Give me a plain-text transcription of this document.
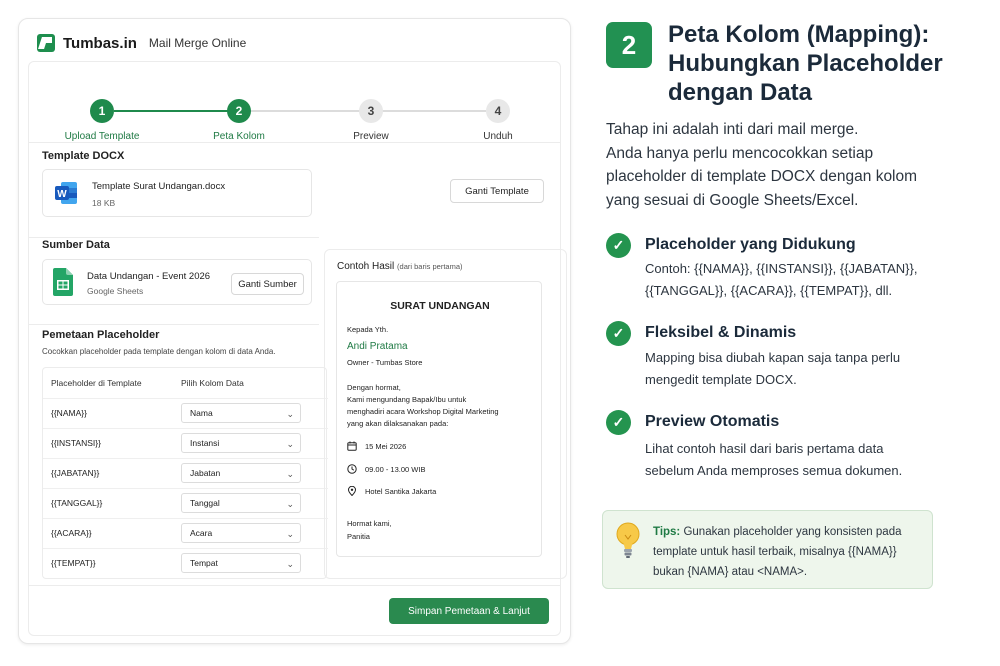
Tumbas.in Mail Merge Online
1
Upload Template
2
Peta Kolom
3
Preview
4
Unduh
Template DOCX
W
Template Surat Undangan.docx
18 KB
Ganti Template
Sumber Data
Data Undangan - Event 2026
Google Sheets
Ganti Sumber
Pemetaan Placeholder
Cocokkan placeholder pada template dengan kolom di data Anda.
Placeholder di Template	Pilih Kolom Data
{{NAMA}}	Nama	⌄
{{INSTANSI}}	Instansi	⌄
{{JABATAN}}	Jabatan	⌄
{{TANGGAL}}	Tanggal	⌄
{{ACARA}}	Acara	⌄
{{TEMPAT}}	Tempat	⌄
Contoh Hasil (dari baris pertama)
SURAT UNDANGAN
Kepada Yth.
Andi Pratama
Owner - Tumbas Store
Dengan hormat,
Kami mengundang Bapak/Ibu untuk
menghadiri acara Workshop Digital Marketing
yang akan dilaksanakan pada:
15 Mei 2026
09.00 - 13.00 WIB
Hotel Santika Jakarta
Hormat kami,
Panitia
Simpan Pemetaan & Lanjut
2	Peta Kolom (Mapping):
Hubungkan Placeholder
dengan Data
Tahap ini adalah inti dari mail merge.
Anda hanya perlu mencocokkan setiap
placeholder di template DOCX dengan kolom
yang sesuai di Google Sheets/Excel.
✓	Placeholder yang Didukung
Contoh: {{NAMA}}, {{INSTANSI}}, {{JABATAN}},
{{TANGGAL}}, {{ACARA}}, {{TEMPAT}}, dll.
✓	Fleksibel & Dinamis
Mapping bisa diubah kapan saja tanpa perlu
mengedit template DOCX.
✓	Preview Otomatis
Lihat contoh hasil dari baris pertama data
sebelum Anda memproses semua dokumen.
Tips: Gunakan placeholder yang konsisten pada
template untuk hasil terbaik, misalnya {{NAMA}}
bukan {NAMA} atau <NAMA>.
